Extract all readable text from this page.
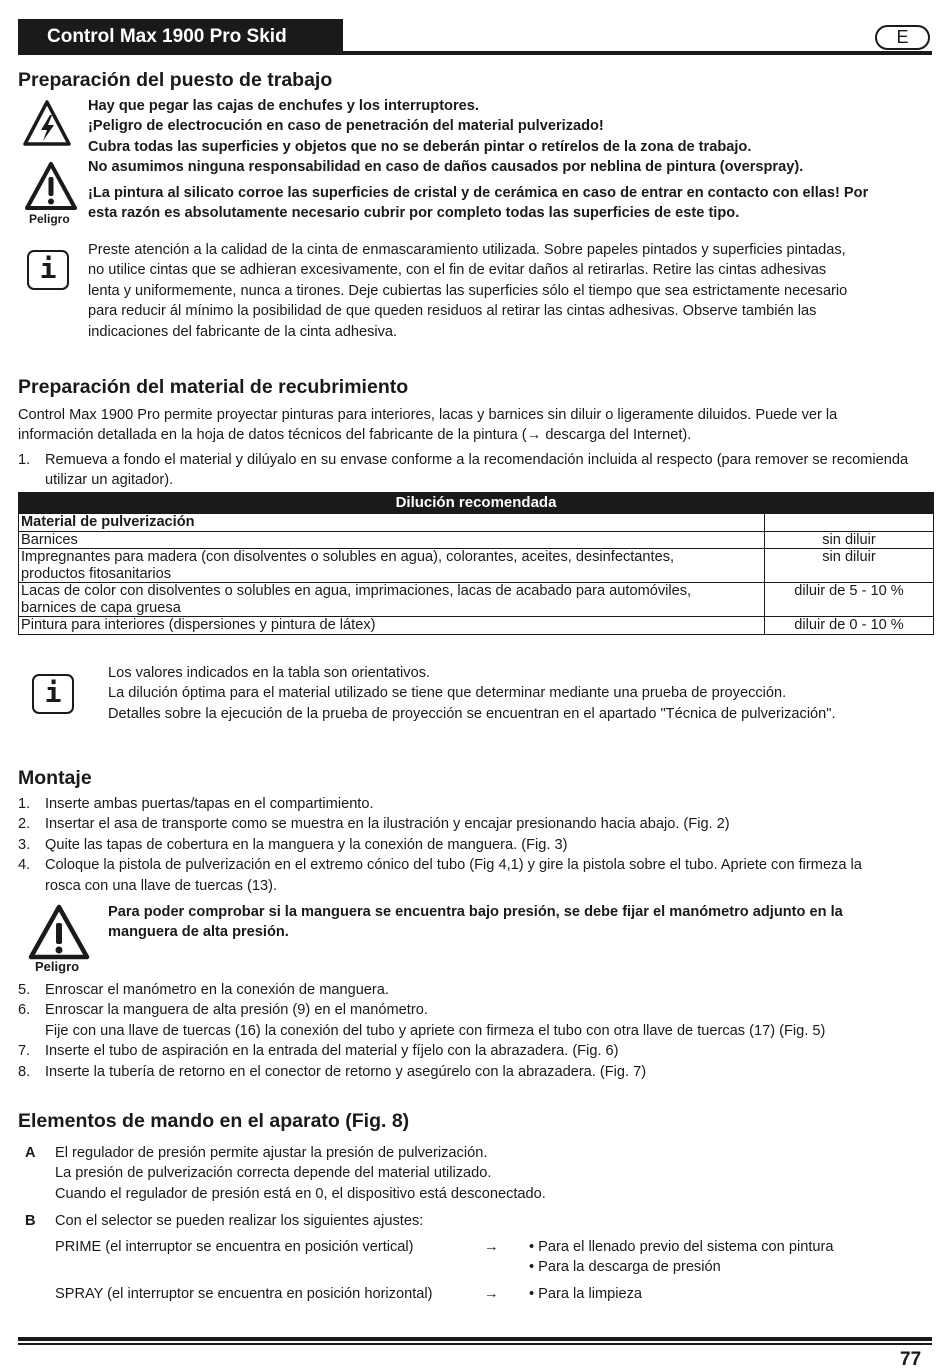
Control Max 1900 Pro Skid	E
Preparación del puesto de trabajo
Hay que pegar las cajas de enchufes y los interruptores.
¡Peligro de electrocución en caso de penetración del material pulverizado!
Cubra todas las superficies y objetos que no se deberán pintar o retírelos de la zona de trabajo.
No asumimos ninguna responsabilidad en caso de daños causados por neblina de pintura (overspray).
Peligro
¡La pintura al silicato corroe las superficies de cristal y de cerámica en caso de entrar en contacto con ellas! Por
esta razón es absolutamente necesario cubrir por completo todas las superficies de este tipo.
i
Preste atención a la calidad de la cinta de enmascaramiento utilizada. Sobre papeles pintados y superficies pintadas,
no utilice cintas que se adhieran excesivamente, con el fin de evitar daños al retirarlas. Retire las cintas adhesivas
lenta y uniformemente, nunca a tirones. Deje cubiertas las superficies sólo el tiempo que sea estrictamente necesario
para reducir ál mínimo la posibilidad de que queden residuos al retirar las cintas adhesivas. Observe también las
indicaciones del fabricante de la cinta adhesiva.
Preparación del material de recubrimiento
Control Max 1900 Pro permite proyectar pinturas para interiores, lacas y barnices sin diluir o ligeramente diluidos. Puede ver la
información detallada en la hoja de datos técnicos del fabricante de la pintura (→ descarga del Internet).
1.	Remueva a fondo el material y dilúyalo en su envase conforme a la recomendación incluida al respecto (para remover se recomienda
utilizar un agitador).
Dilución recomendada	
Material de pulverización	
Barnices	sin diluir
Impregnantes para madera (con disolventes o solubles en agua), colorantes, aceites, desinfectantes, productos fitosanitarios	sin diluir
Lacas de color con disolventes o solubles en agua, imprimaciones, lacas de acabado para automóviles, barnices de capa gruesa	diluir de 5 - 10 %
Pintura para interiores (dispersiones y pintura de látex)	diluir de 0 - 10 %
i
Los valores indicados en la tabla son orientativos.
La dilución óptima para el material utilizado se tiene que determinar mediante una prueba de proyección.
Detalles sobre la ejecución de la prueba de proyección se encuentran en el apartado "Técnica de pulverización".
Montaje
1.	Inserte ambas puertas/tapas en el compartimiento.
2.	Insertar el asa de transporte como se muestra en la ilustración y encajar presionando hacia abajo. (Fig. 2)
3.	Quite las tapas de cobertura en la manguera y la conexión de manguera. (Fig. 3)
4.	Coloque la pistola de pulverización en el extremo cónico del tubo (Fig 4,1) y gire la pistola sobre el tubo. Apriete con firmeza la
rosca con una llave de tuercas (13).
Peligro
Para poder comprobar si la manguera se encuentra bajo presión, se debe fijar el manómetro adjunto en la
manguera de alta presión.
5.	Enroscar el manómetro en la conexión de manguera.
6.	Enroscar la manguera de alta presión (9) en el manómetro.
Fije con una llave de tuercas (16) la conexión del tubo y apriete con firmeza el tubo con otra llave de tuercas (17) (Fig. 5)
7.	Inserte el tubo de aspiración en la entrada del material y fíjelo con la abrazadera. (Fig. 6)
8.	Inserte la tubería de retorno en el conector de retorno y asegúrelo con la abrazadera. (Fig. 7)
Elementos de mando en el aparato (Fig. 8)
A El regulador de presión permite ajustar la presión de pulverización.
La presión de pulverización correcta depende del material utilizado.
Cuando el regulador de presión está en 0, el dispositivo está desconectado.
B Con el selector se pueden realizar los siguientes ajustes:
PRIME (el interruptor se encuentra en posición vertical)	→ • Para el llenado previo del sistema con pintura
• Para la descarga de presión
SPRAY (el interruptor se encuentra en posición horizontal)	→ • Para la limpieza
77
